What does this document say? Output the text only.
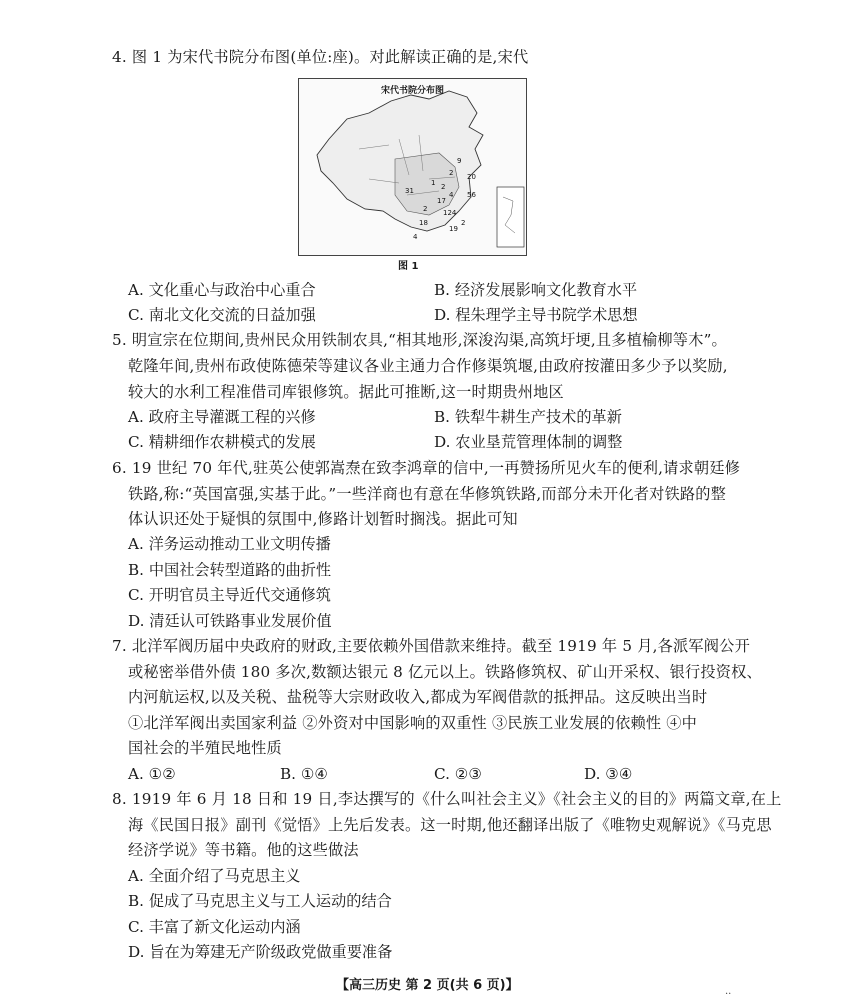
4. 图 1 为宋代书院分布图(单位:座)。对此解读正确的是,宋代
宋代书院分布图
31
9
20
2
1 2
4
17
124
2
18
56
19
2
4
图 1
A. 文化重心与政治中心重合	B. 经济发展影响文化教育水平
C. 南北文化交流的日益加强	D. 程朱理学主导书院学术思想
5. 明宣宗在位期间,贵州民众用铁制农具,“相其地形,深浚沟渠,高筑圩埂,且多植榆柳等木”。
乾隆年间,贵州布政使陈德荣等建议各业主通力合作修渠筑堰,由政府按灌田多少予以奖励,
较大的水利工程准借司库银修筑。据此可推断,这一时期贵州地区
A. 政府主导灌溉工程的兴修	B. 铁犁牛耕生产技术的革新
C. 精耕细作农耕模式的发展	D. 农业垦荒管理体制的调整
6. 19 世纪 70 年代,驻英公使郭嵩焘在致李鸿章的信中,一再赞扬所见火车的便利,请求朝廷修
铁路,称:“英国富强,实基于此。”一些洋商也有意在华修筑铁路,而部分未开化者对铁路的整
体认识还处于疑惧的氛围中,修路计划暂时搁浅。据此可知
A. 洋务运动推动工业文明传播
B. 中国社会转型道路的曲折性
C. 开明官员主导近代交通修筑
D. 清廷认可铁路事业发展价值
7. 北洋军阀历届中央政府的财政,主要依赖外国借款来维持。截至 1919 年 5 月,各派军阀公开
或秘密举借外债 180 多次,数额达银元 8 亿元以上。铁路修筑权、矿山开采权、银行投资权、
内河航运权,以及关税、盐税等大宗财政收入,都成为军阀借款的抵押品。这反映出当时
①北洋军阀出卖国家利益 ②外资对中国影响的双重性 ③民族工业发展的依赖性 ④中
国社会的半殖民地性质
A. ①②	B. ①④	C. ②③	D. ③④
8. 1919 年 6 月 18 日和 19 日,李达撰写的《什么叫社会主义》《社会主义的目的》两篇文章,在上
海《民国日报》副刊《觉悟》上先后发表。这一时期,他还翻译出版了《唯物史观解说》《马克思
经济学说》等书籍。他的这些做法
A. 全面介绍了马克思主义
B. 促成了马克思主义与工人运动的结合
C. 丰富了新文化运动内涵
D. 旨在为筹建无产阶级政党做重要准备
【高三历史 第 2 页(共 6 页)】	..
